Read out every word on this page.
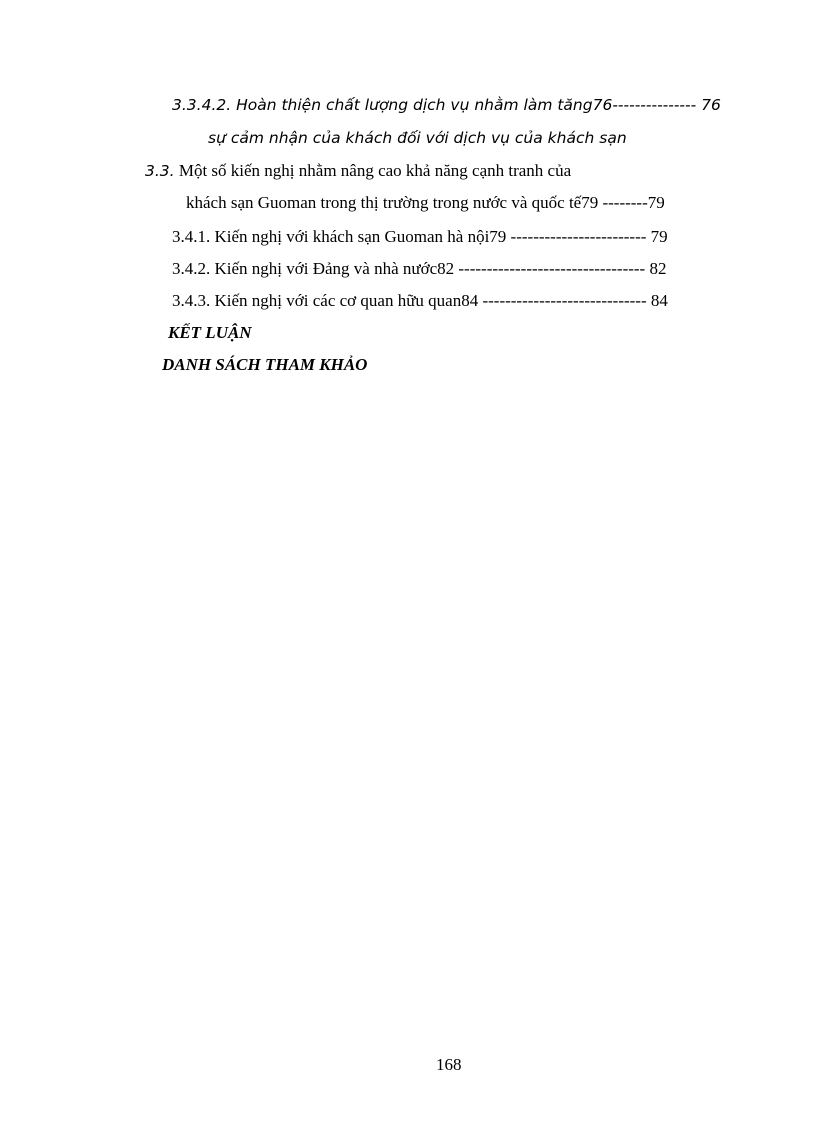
3.3.4.2. Hoàn thiện chất lượng dịch vụ nhằm làm tăng76--------------- 76
sự cảm nhận của khách đối với dịch vụ của khách sạn
3.3. Một số kiến nghị nhằm nâng cao khả năng cạnh tranh của
khách sạn Guoman trong thị trường trong nước và quốc tế79 --------79
3.4.1. Kiến nghị với khách sạn Guoman hà nội79 ------------------------ 79
3.4.2. Kiến nghị với Đảng và nhà nước82 --------------------------------- 82
3.4.3. Kiến nghị với các cơ quan hữu quan84 ----------------------------- 84
KẾT LUẬN
DANH SÁCH THAM KHẢO
168
